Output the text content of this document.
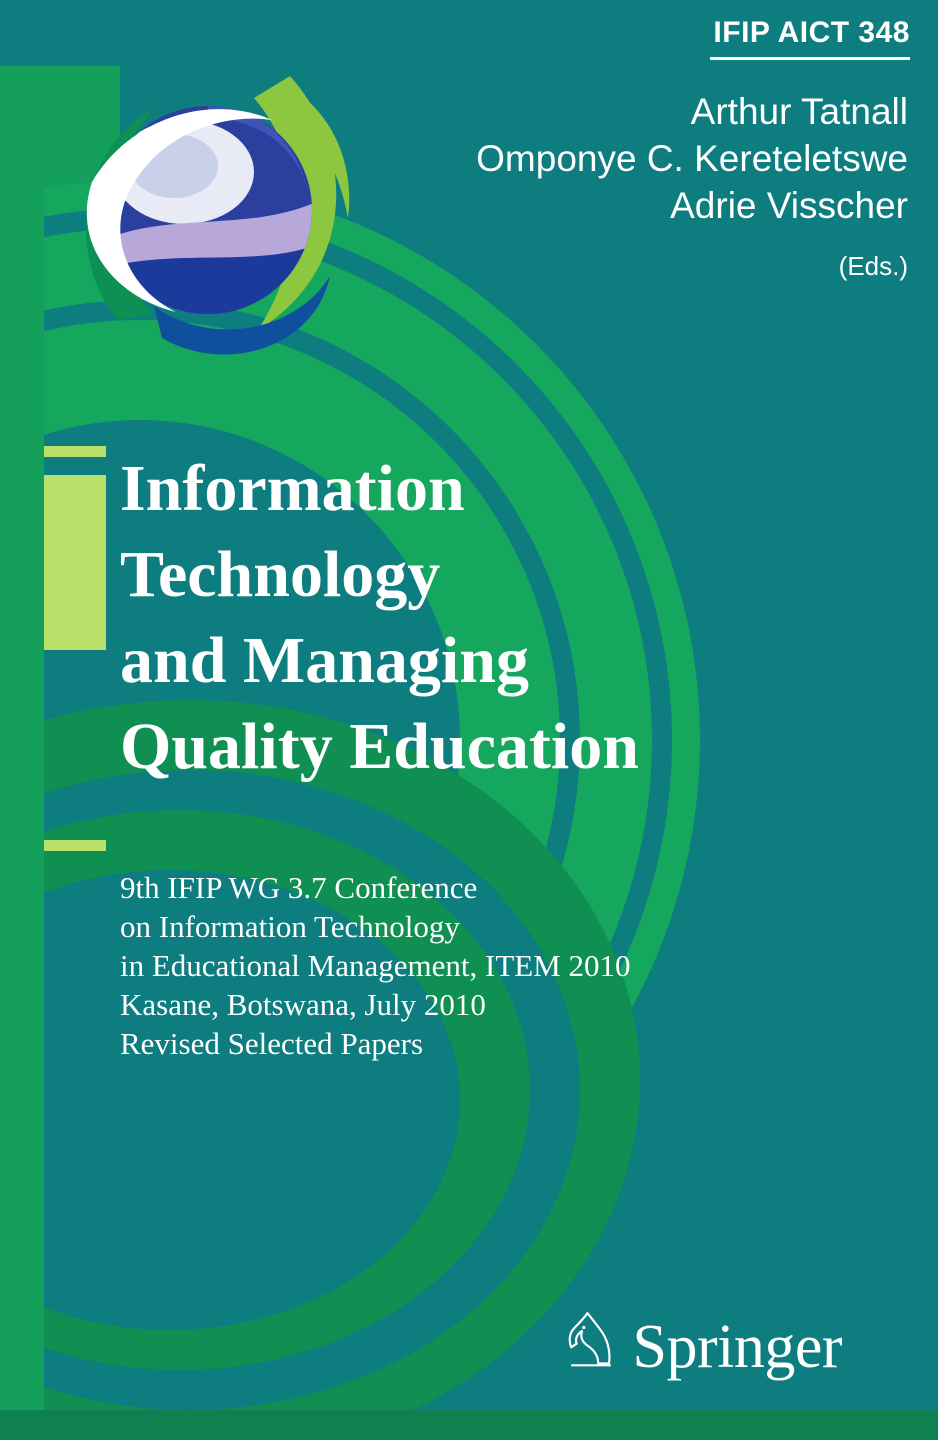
IFIP AICT 348
Arthur Tatnall
Omponye C. Kereteletswe
Adrie Visscher
(Eds.)
Information
Technology
and Managing
Quality Education
9th IFIP WG 3.7 Conference
on Information Technology
in Educational Management, ITEM 2010
Kasane, Botswana, July 2010
Revised Selected Papers
Springer
